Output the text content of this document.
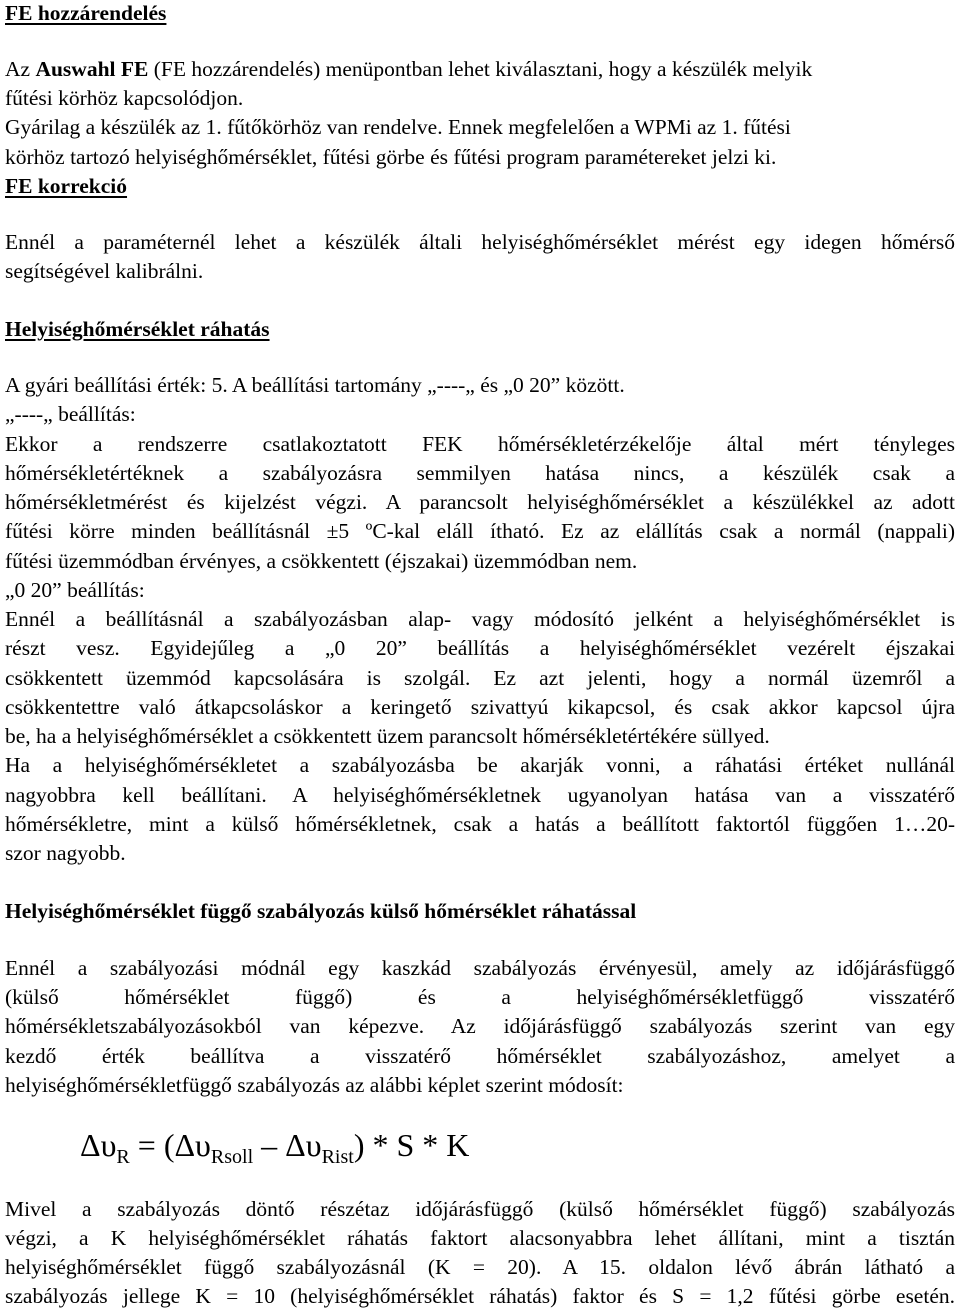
FE hozzárendelés
Az Auswahl FE (FE hozzárendelés) menüpontban lehet kiválasztani, hogy a készülék melyik
fűtési körhöz kapcsolódjon.
Gyárilag a készülék az 1. fűtőkörhöz van rendelve. Ennek megfelelően a WPMi az 1. fűtési
körhöz tartozó helyiséghőmérséklet, fűtési görbe és fűtési program paramétereket jelzi ki.
FE korrekció
Ennél a paraméternél lehet a készülék általi helyiséghőmérséklet mérést egy idegen hőmérső
segítségével kalibrálni.
Helyiséghőmérséklet ráhatás
A gyári beállítási érték: 5. A beállítási tartomány „----„ és „0 20” között.
„----„ beállítás:
Ekkor a rendszerre csatlakoztatott FEK hőmérsékletérzékelője által mért tényleges
hőmérsékletértéknek a szabályozásra semmilyen hatása nincs, a készülék csak a
hőmérsékletmérést és kijelzést végzi. A parancsolt helyiséghőmérséklet a készülékkel az adott
fűtési körre minden beállításnál ±5 ºC-kal eláll ítható. Ez az elállítás csak a normál (nappali)
fűtési üzemmódban érvényes, a csökkentett (éjszakai) üzemmódban nem.
„0 20” beállítás:
Ennél a beállításnál a szabályozásban alap- vagy módosító jelként a helyiséghőmérséklet is
részt vesz. Egyidejűleg a „0 20” beállítás a helyiséghőmérséklet vezérelt éjszakai
csökkentett üzemmód kapcsolására is szolgál. Ez azt jelenti, hogy a normál üzemről a
csökkentettre való átkapcsoláskor a keringető szivattyú kikapcsol, és csak akkor kapcsol újra
be, ha a helyiséghőmérséklet a csökkentett üzem parancsolt hőmérsékletértékére süllyed.
Ha a helyiséghőmérsékletet a szabályozásba be akarják vonni, a ráhatási értéket nullánál
nagyobbra kell beállítani. A helyiséghőmérsékletnek ugyanolyan hatása van a visszatérő
hőmérsékletre, mint a külső hőmérsékletnek, csak a hatás a beállított faktortól függően 1…20-
szor nagyobb.
Helyiséghőmérséklet függő szabályozás külső hőmérséklet ráhatással
Ennél a szabályozási módnál egy kaszkád szabályozás érvényesül, amely az időjárásfüggő
(külső hőmérséklet függő) és a helyiséghőmérsékletfüggő visszatérő
hőmérsékletszabályozásokból van képezve. Az időjárásfüggő szabályozás szerint van egy
kezdő érték beállítva a visszatérő hőmérséklet szabályozáshoz, amelyet a
helyiséghőmérsékletfüggő szabályozás az alábbi képlet szerint módosít:
$\Delta\upsilon_R = (\Delta\upsilon_{Rsoll} - \Delta\upsilon_{Rist}) * S * K$
Mivel a szabályozás döntő részétaz időjárásfüggő (külső hőmérséklet függő) szabályozás
végzi, a K helyiséghőmérséklet ráhatás faktort alacsonyabbra lehet állítani, mint a tisztán
helyiséghőmérséklet függő szabályozásnál (K = 20). A 15. oldalon lévő ábrán látható a
szabályozás jellege K = 10 (helyiséghőmérséklet ráhatás) faktor és S = 1,2 fűtési görbe esetén.
